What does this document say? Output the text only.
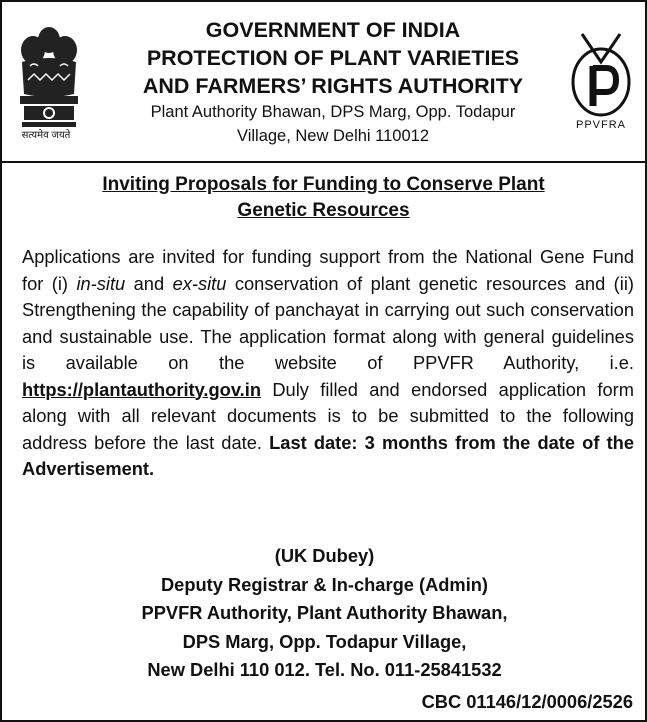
सत्यमेव जयते
GOVERNMENT OF INDIA
PROTECTION OF PLANT VARIETIES
AND FARMERS’ RIGHTS AUTHORITY
Plant Authority Bhawan, DPS Marg, Opp. Todapur
Village, New Delhi 110012
PPVFRA
Inviting Proposals for Funding to Conserve Plant
Genetic Resources
Applications are invited for funding support from the National Gene Fund for (i) in-situ and ex-situ conservation of plant genetic resources and (ii) Strengthening the capability of panchayat in carrying out such conservation and sustainable use. The application format along with general guidelines is available on the website of PPVFR Authority, i.e. https://plantauthority.gov.in Duly filled and endorsed application form along with all relevant documents is to be submitted to the following address before the last date. Last date: 3 months from the date of the Advertisement.
(UK Dubey)
Deputy Registrar & In-charge (Admin)
PPVFR Authority, Plant Authority Bhawan,
DPS Marg, Opp. Todapur Village,
New Delhi 110 012. Tel. No. 011-25841532
CBC 01146/12/0006/2526
